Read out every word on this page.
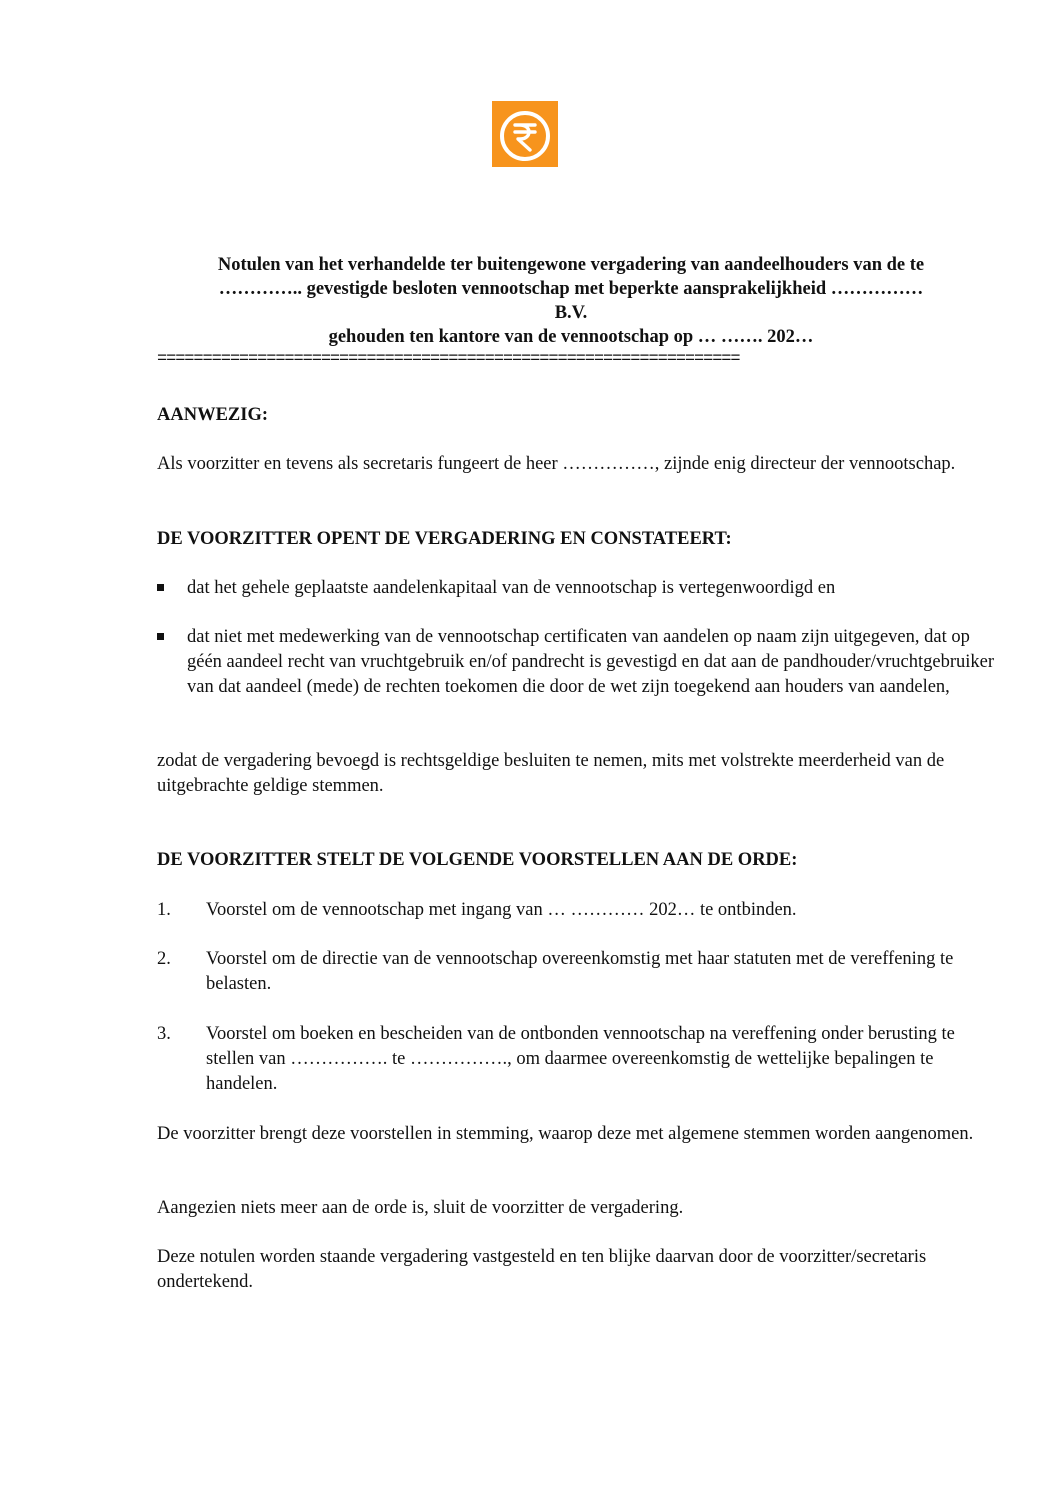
Notulen van het verhandelde ter buitengewone vergadering van aandeelhouders van de te
………….. gevestigde besloten vennootschap met beperkte aansprakelijkheid ……………
B.V.
gehouden ten kantore van de vennootschap op … ……. 202…
================================================================
AANWEZIG:

Als voorzitter en tevens als secretaris fungeert de heer ……………, zijnde enig directeur der vennootschap.

DE VOORZITTER OPENT DE VERGADERING EN CONSTATEERT:
dat het gehele geplaatste aandelenkapitaal van de vennootschap is vertegenwoordigd en
dat niet met medewerking van de vennootschap certificaten van aandelen op naam zijn uitgegeven, dat op géén aandeel recht van vruchtgebruik en/of pandrecht is gevestigd en dat aan de pandhouder/vruchtgebruiker van dat aandeel (mede) de rechten toekomen die door de wet zijn toegekend aan houders van aandelen,

zodat de vergadering bevoegd is rechtsgeldige besluiten te nemen, mits met volstrekte meerderheid van de uitgebrachte geldige stemmen.

DE VOORZITTER STELT DE VOLGENDE VOORSTELLEN AAN DE ORDE:
1. Voorstel om de vennootschap met ingang van … ………… 202… te ontbinden.
2. Voorstel om de directie van de vennootschap overeenkomstig met haar statuten met de vereffening te belasten.
3. Voorstel om boeken en bescheiden van de ontbonden vennootschap na vereffening onder berusting te stellen van ……………. te ……………., om daarmee overeenkomstig de wettelijke bepalingen te handelen.

De voorzitter brengt deze voorstellen in stemming, waarop deze met algemene stemmen worden aangenomen.

Aangezien niets meer aan de orde is, sluit de voorzitter de vergadering.

Deze notulen worden staande vergadering vastgesteld en ten blijke daarvan door de voorzitter/secretaris ondertekend.
